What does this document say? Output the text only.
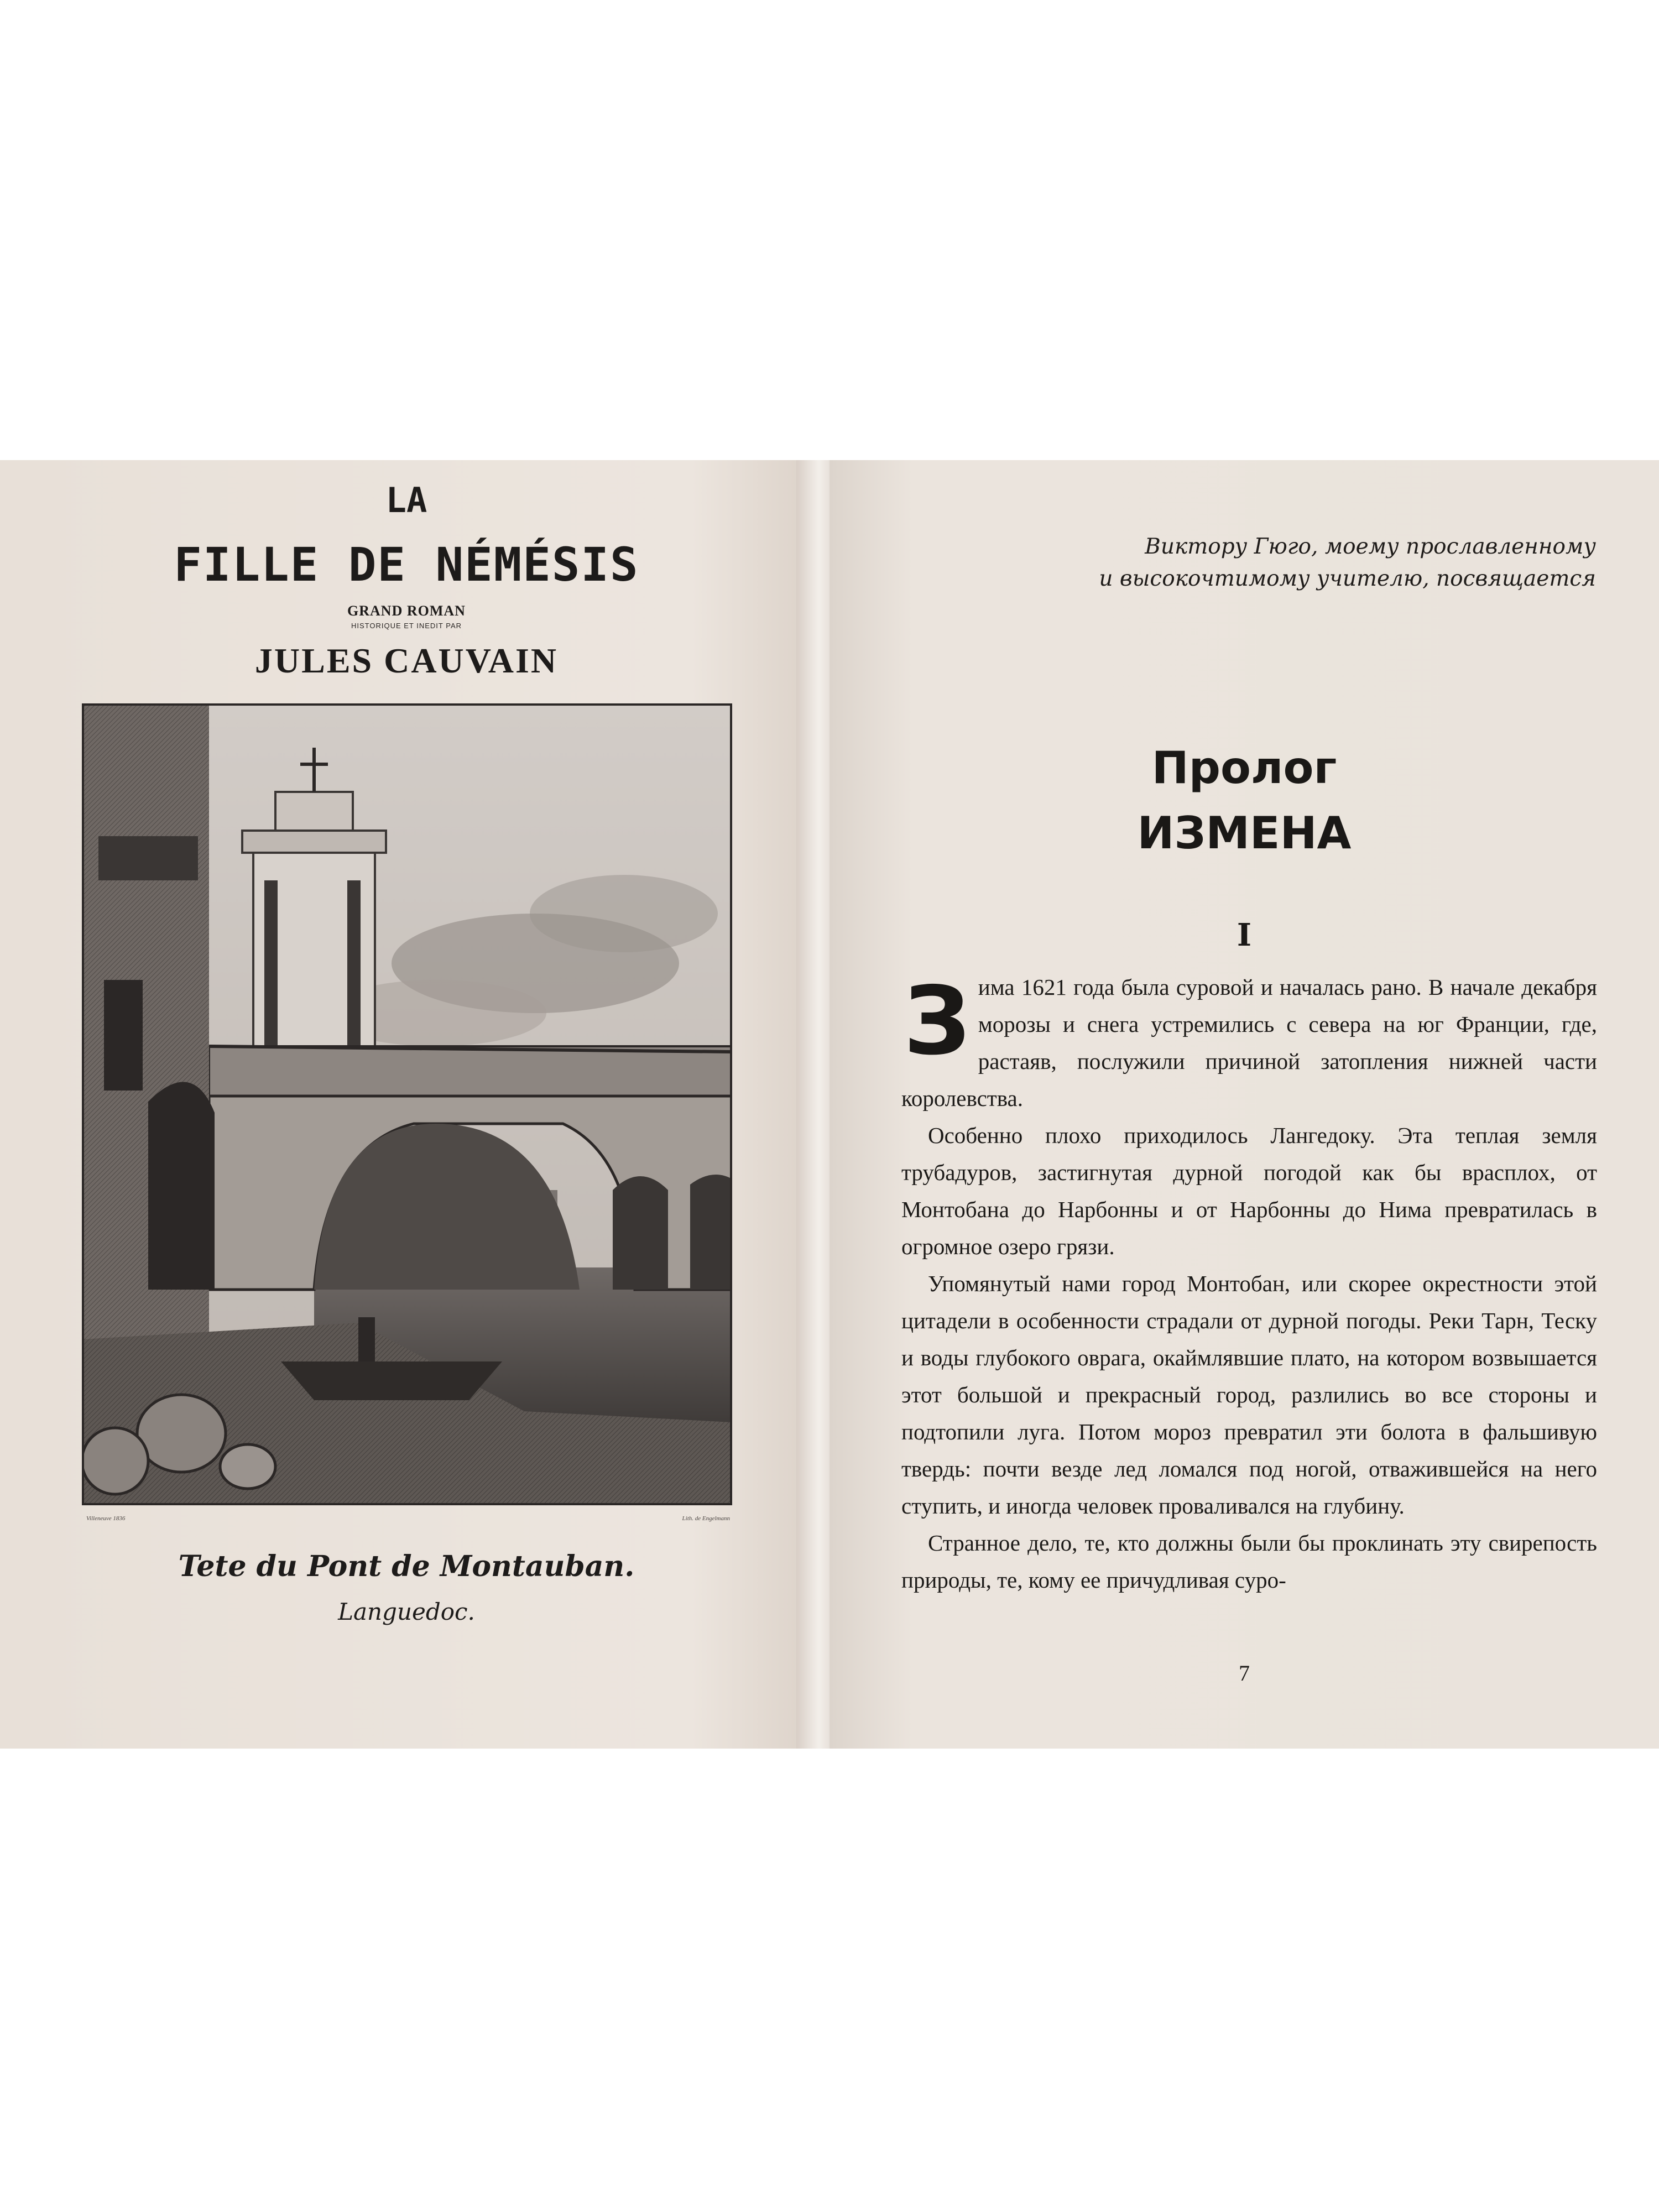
LA
FILLE DE NÉMÉSIS
GRAND ROMAN
HISTORIQUE ET INEDIT PAR
JULES CAUVAIN
Villeneuve 1836	Lith. de Engelmann
Tete du Pont de Montauban.
Languedoc.
Виктору Гюго, моему прославленному
и высокочтимому учителю, посвящается
Пролог
ИЗМЕНА
I

Зима 1621 года была суровой и началась рано. В начале декабря морозы и снега устремились с севера на юг Франции, где, растаяв, послужили причиной затопления нижней части королевства.

Особенно плохо приходилось Лангедоку. Эта теплая земля трубадуров, застигнутая дурной погодой как бы врасплох, от Монтобана до Нарбонны и от Нарбонны до Нима превратилась в огромное озеро грязи.

Упомянутый нами город Монтобан, или скорее окрестности этой цитадели в особенности страдали от дурной погоды. Реки Тарн, Теску и воды глубокого оврага, окаймлявшие плато, на котором возвышается этот большой и прекрасный город, разлились во все стороны и подтопили луга. Потом мороз превратил эти болота в фальшивую твердь: почти везде лед ломался под ногой, отважившейся на него ступить, и иногда человек проваливался на глубину.

Странное дело, те, кто должны были бы проклинать эту свирепость природы, те, кому ее причудливая суро-

7
